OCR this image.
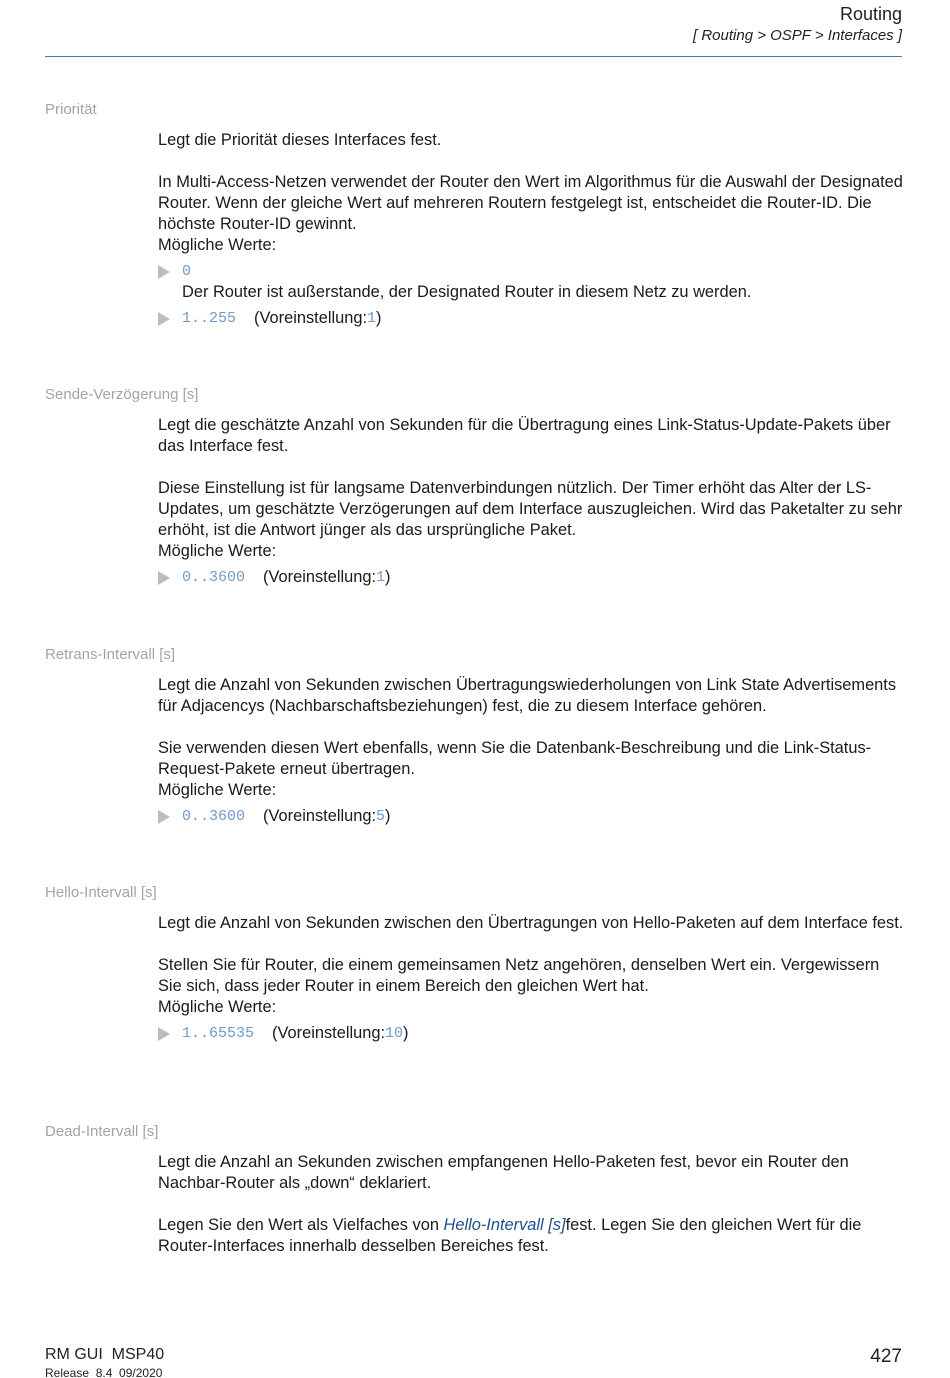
Routing
[ Routing > OSPF > Interfaces ]
Priorität

Legt die Priorität dieses Interfaces fest.

In Multi-Access-Netzen verwendet der Router den Wert im Algorithmus für die Auswahl der Designated Router. Wenn der gleiche Wert auf mehreren Routern festgelegt ist, entscheidet die Router-ID. Die höchste Router-ID gewinnt.

Mögliche Werte:

0

Der Router ist außerstande, der Designated Router in diesem Netz zu werden.

1..255 (Voreinstellung: 1 )
Sende-Verzögerung [s]

Legt die geschätzte Anzahl von Sekunden für die Übertragung eines Link-Status-Update-Pakets über das Interface fest.

Diese Einstellung ist für langsame Datenverbindungen nützlich. Der Timer erhöht das Alter der LS-Updates, um geschätzte Verzögerungen auf dem Interface auszugleichen. Wird das Paketalter zu sehr erhöht, ist die Antwort jünger als das ursprüngliche Paket.

Mögliche Werte:

0..3600 (Voreinstellung: 1 )
Retrans-Intervall [s]

Legt die Anzahl von Sekunden zwischen Übertragungswiederholungen von Link State Advertisements für Adjacencys (Nachbarschaftsbeziehungen) fest, die zu diesem Interface gehören.

Sie verwenden diesen Wert ebenfalls, wenn Sie die Datenbank-Beschreibung und die Link-Status-Request-Pakete erneut übertragen.

Mögliche Werte:

0..3600 (Voreinstellung: 5 )
Hello-Intervall [s]

Legt die Anzahl von Sekunden zwischen den Übertragungen von Hello-Paketen auf dem Interface fest.

Stellen Sie für Router, die einem gemeinsamen Netz angehören, denselben Wert ein. Vergewissern Sie sich, dass jeder Router in einem Bereich den gleichen Wert hat.

Mögliche Werte:

1..65535 (Voreinstellung: 10 )
Dead-Intervall [s]

Legt die Anzahl an Sekunden zwischen empfangenen Hello-Paketen fest, bevor ein Router den Nachbar-Router als „down“ deklariert.

Legen Sie den Wert als Vielfaches von Hello-Intervall [s]fest. Legen Sie den gleichen Wert für die Router-Interfaces innerhalb desselben Bereiches fest.

RM GUI  MSP40
Release  8.4  09/2020
427
